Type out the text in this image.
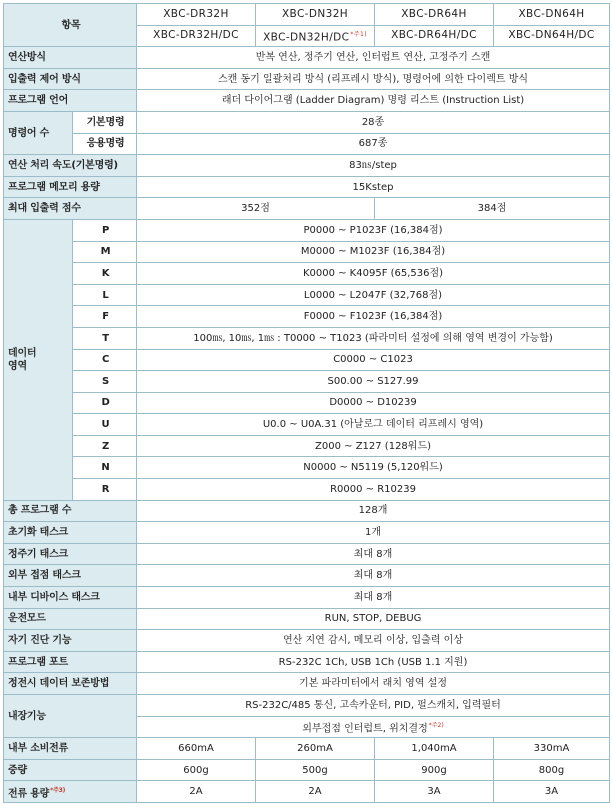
항목		XBC-DR32H	XBC-DN32H	XBC-DR64H	XBC-DN64H
		XBC-DR32H/DC	XBC-DN32H/DC$^{*주1)}$	XBC-DR64H/DC	XBC-DN64H/DC
연산방식		반복 연산, 정주기 연산, 인터럽트 연산, 고정주기 스캔			
입출력 제어 방식		스캔 동기 일괄처리 방식 (리프레시 방식), 명령어에 의한 다이렉트 방식			
프로그램 언어		래더 다이어그램 (Ladder Diagram) 명령 리스트 (Instruction List)			
명령어 수	기본명령	28종			
	응용명령	687종			
연산 처리 속도(기본명령)		83㎱/step			
프로그램 메모리 용량		15Kstep			
최대 입출력 점수		352점		384점	
데이터
영역	P	P0000 ~ P1023F (16,384점)			
	M	M0000 ~ M1023F (16,384점)			
	K	K0000 ~ K4095F (65,536점)			
	L	L0000 ~ L2047F (32,768점)			
	F	F0000 ~ F1023F (16,384점)			
	T	100㎳, 10㎳, 1㎳ : T0000 ~ T1023 (파라미터 설정에 의해 영역 변경이 가능함)			
	C	C0000 ~ C1023			
	S	S00.00 ~ S127.99			
	D	D0000 ~ D10239			
	U	U0.0 ~ U0A.31 (아날로그 데이터 리프레시 영역)			
	Z	Z000 ~ Z127 (128워드)			
	N	N0000 ~ N5119 (5,120워드)			
	R	R0000 ~ R10239			
총 프로그램 수		128개			
초기화 태스크		1개			
정주기 태스크		최대 8개			
외부 접점 태스크		최대 8개			
내부 디바이스 태스크		최대 8개			
운전모드		RUN, STOP, DEBUG			
자기 진단 기능		연산 지연 감시, 메모리 이상, 입출력 이상			
프로그램 포트		RS-232C 1Ch, USB 1Ch (USB 1.1 지원)			
정전시 데이터 보존방법		기본 파라미터에서 래치 영역 설정			
내장기능		RS-232C/485 통신, 고속카운터, PID, 펄스캐치, 입력필터			
		외부접점 인터럽트, 위치결정$^{*주2)}$
내부 소비전류		660mA	260mA	1,040mA	330mA
중량		600g	500g	900g	800g
전류 용량$^{*주3)}$		2A	2A	3A	3A
